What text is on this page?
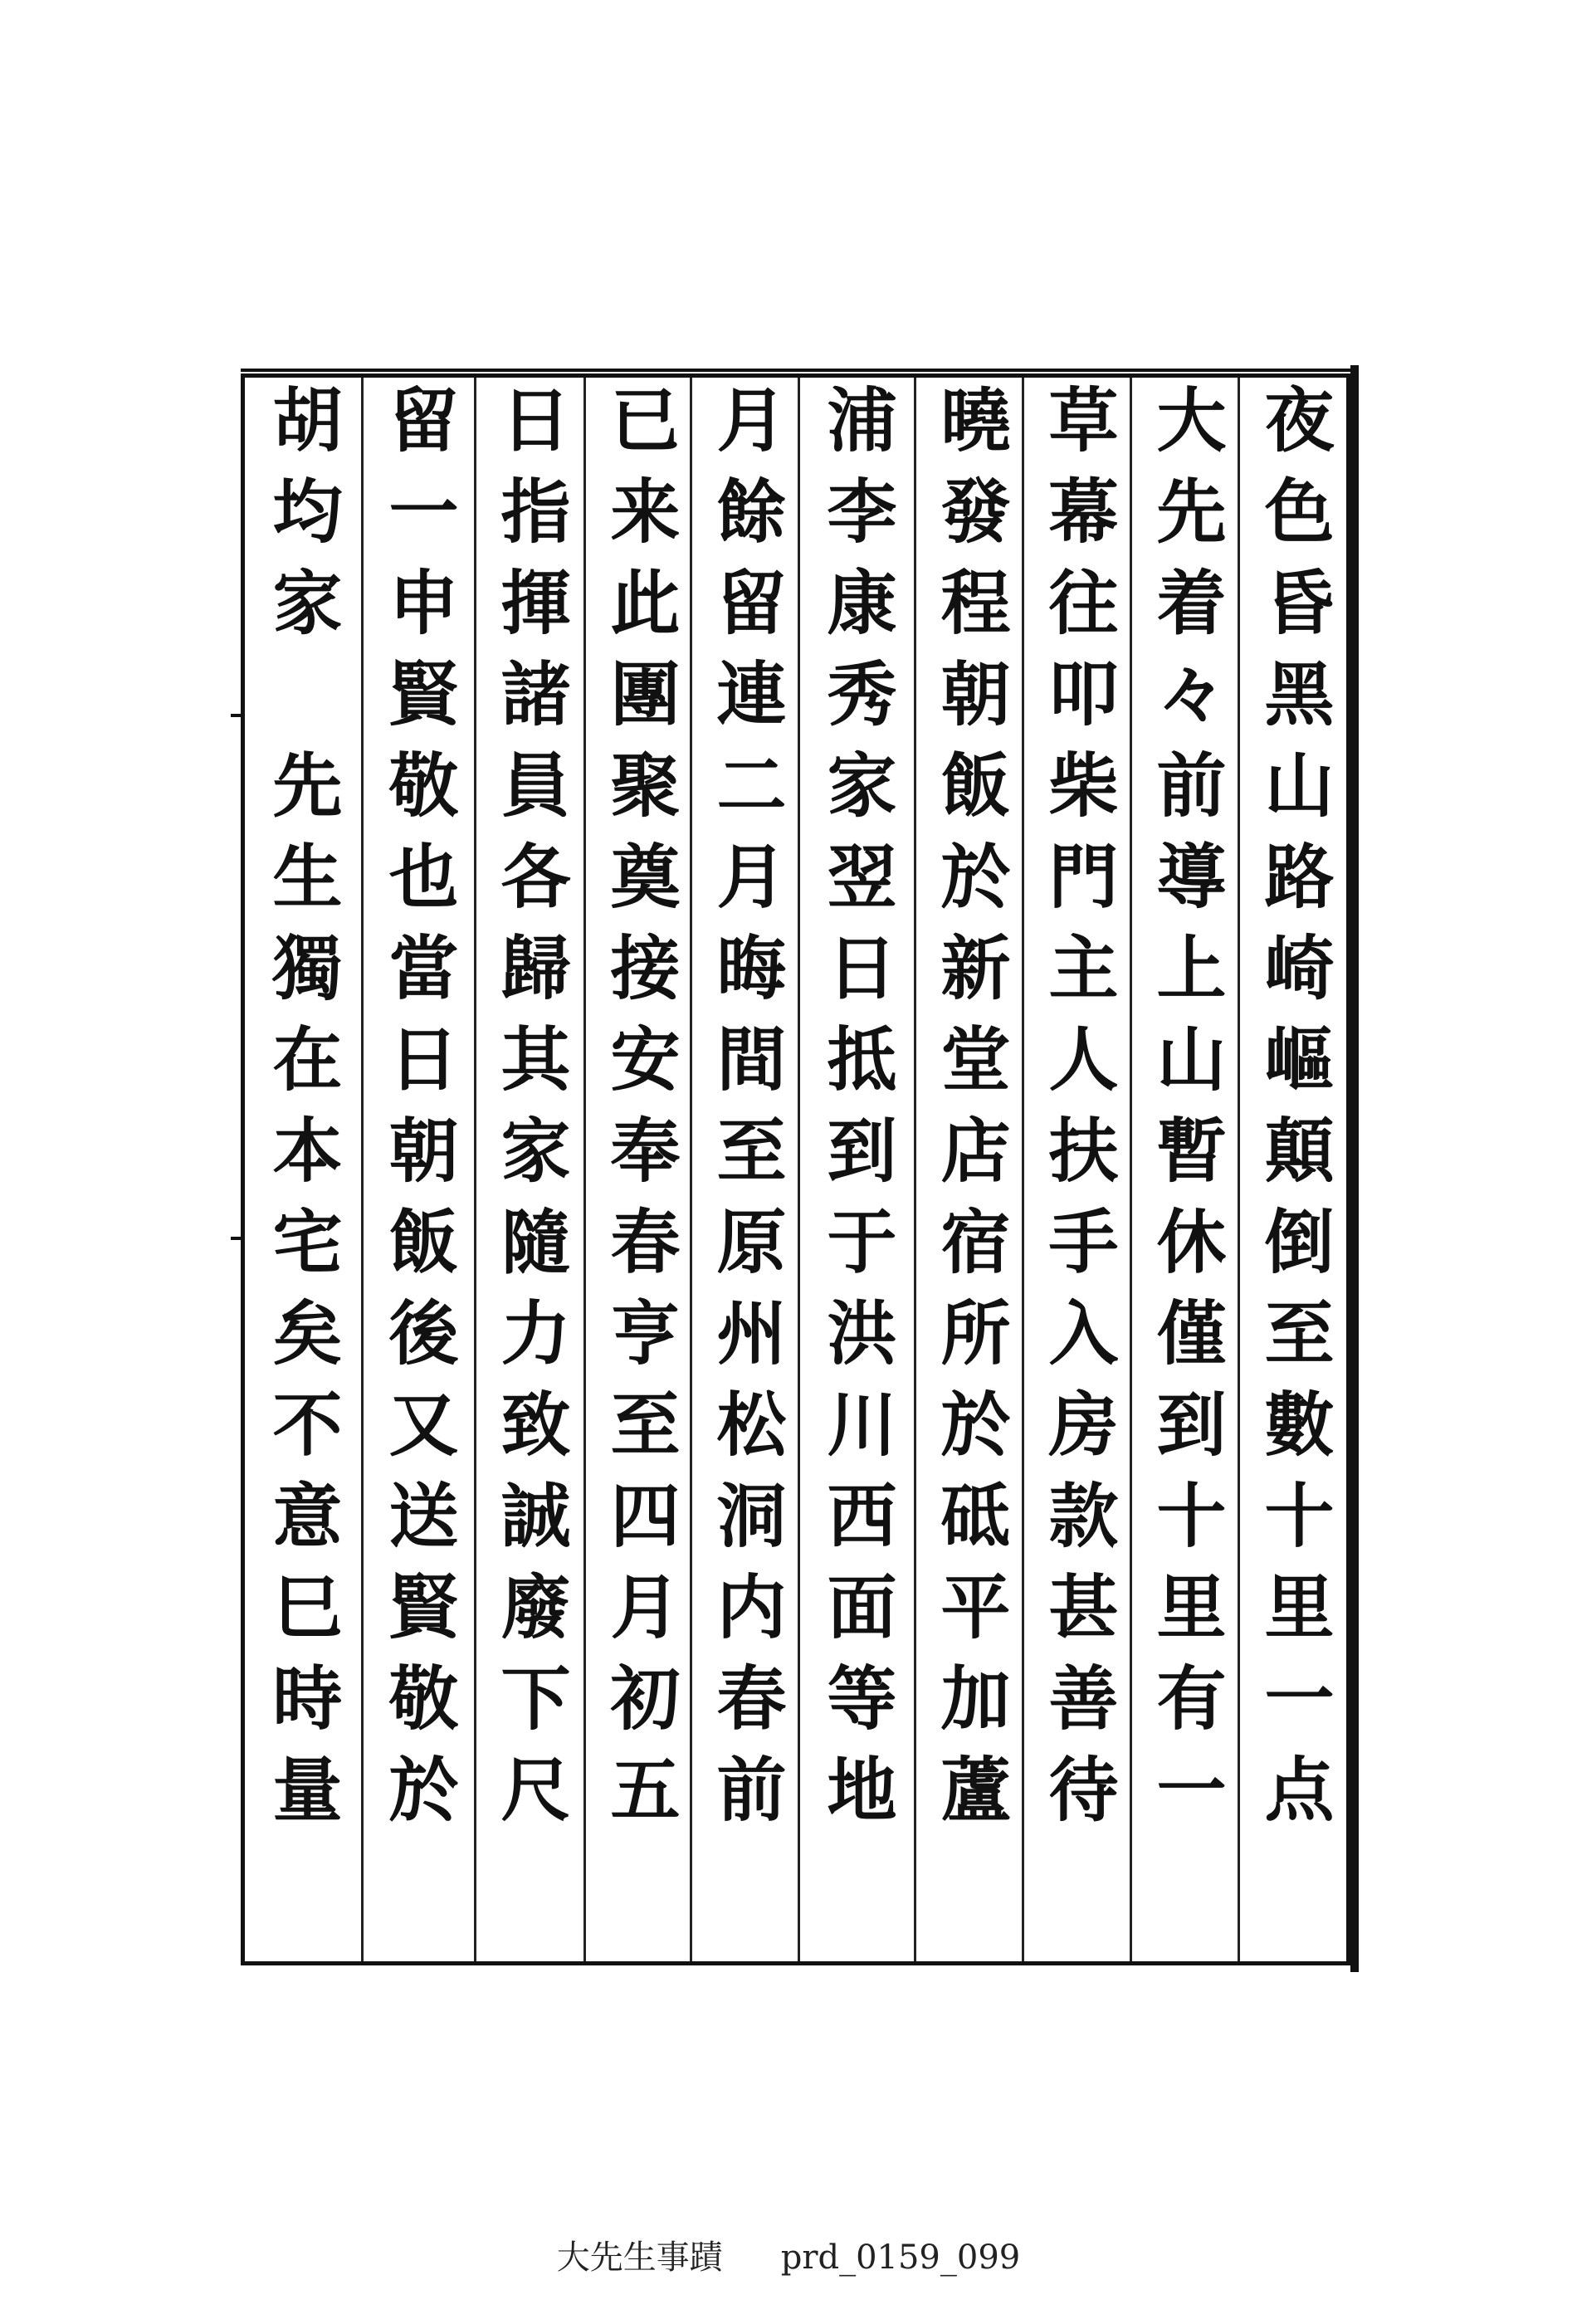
夜色昏黑山路崎嶇顛倒至數十里一点
大先着々前導上山暫休僅到十里有一
草幕往叩柴門主人扶手入房款甚善待
曉發程朝飯於新堂店宿所於砥平加蘆
浦李康秀家翌日抵到于洪川西面等地
月餘留連二月晦間至原州松洞内春前
已来此團聚奠接安奉春亨至四月初五
日指揮諸員各歸其家隨力致誠廢下尺
留一申賢敬也當日朝飯後又送賢敬於
胡均家　先生獨在本宅矣不意巳時量
大先生事蹟 prd_0159_099
